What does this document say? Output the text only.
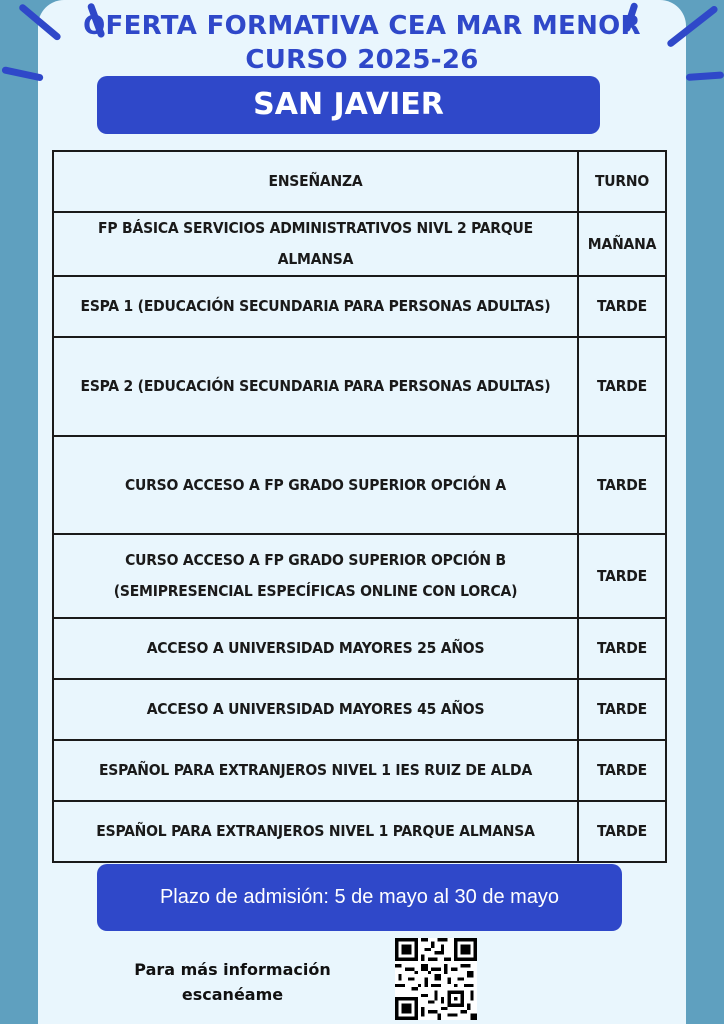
OFERTA FORMATIVA CEA MAR MENOR
CURSO 2025-26
SAN JAVIER
ENSEÑANZA	TURNO
FP BÁSICA SERVICIOS ADMINISTRATIVOS NIVL 2 PARQUE ALMANSA	MAÑANA
ESPA 1 (EDUCACIÓN SECUNDARIA PARA PERSONAS ADULTAS)	TARDE
ESPA 2 (EDUCACIÓN SECUNDARIA PARA PERSONAS ADULTAS)	TARDE
CURSO ACCESO A FP GRADO SUPERIOR OPCIÓN A	TARDE
CURSO ACCESO A FP GRADO SUPERIOR OPCIÓN B (SEMIPRESENCIAL ESPECÍFICAS ONLINE CON LORCA)	TARDE
ACCESO A UNIVERSIDAD MAYORES 25 AÑOS	TARDE
ACCESO A UNIVERSIDAD MAYORES 45 AÑOS	TARDE
ESPAÑOL PARA EXTRANJEROS NIVEL 1 IES RUIZ DE ALDA	TARDE
ESPAÑOL PARA EXTRANJEROS NIVEL 1 PARQUE ALMANSA	TARDE
Plazo de admisión: 5 de mayo al 30 de mayo
Para más información
escanéame
